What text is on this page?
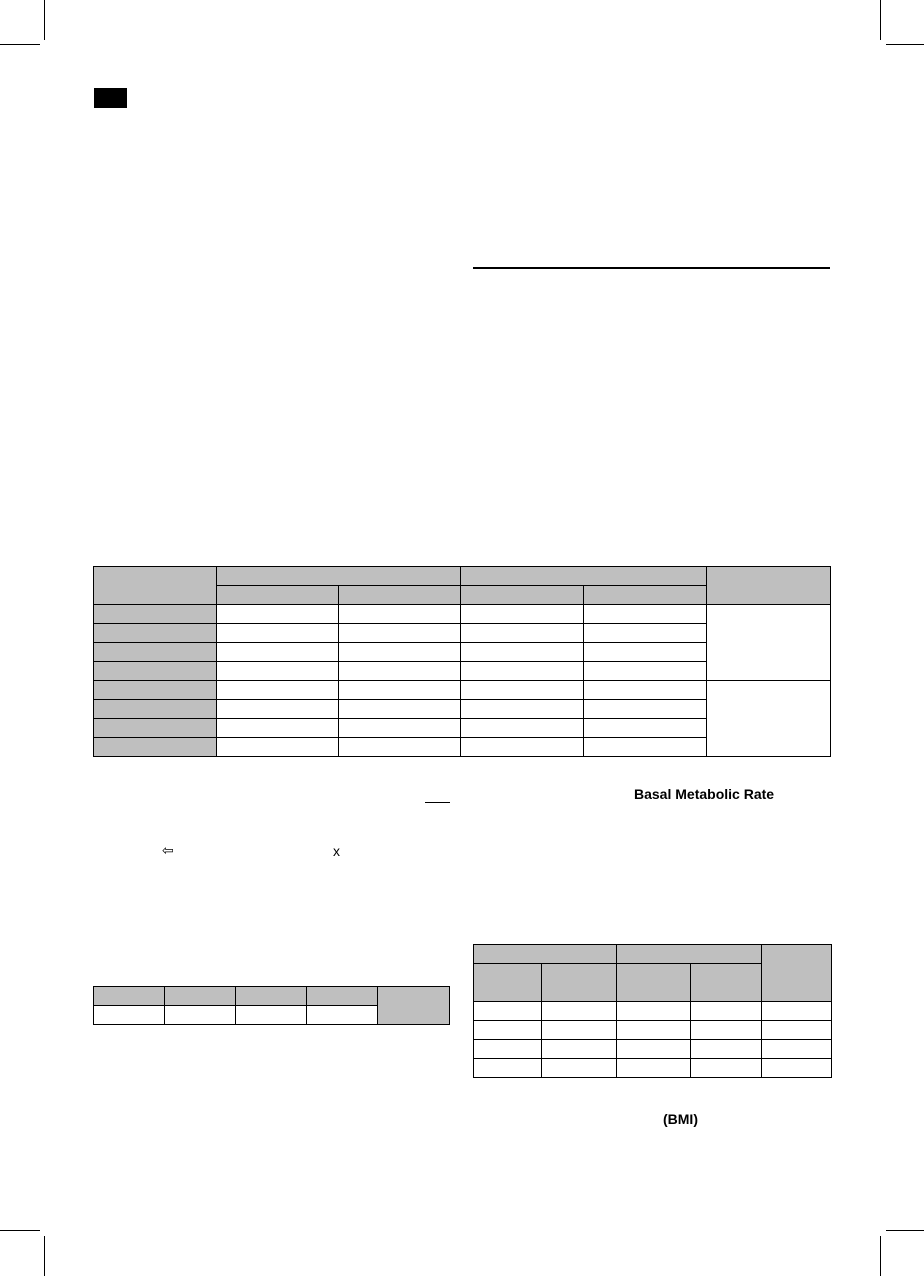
Basal Metabolic Rate
⇦	x

(BMI)
